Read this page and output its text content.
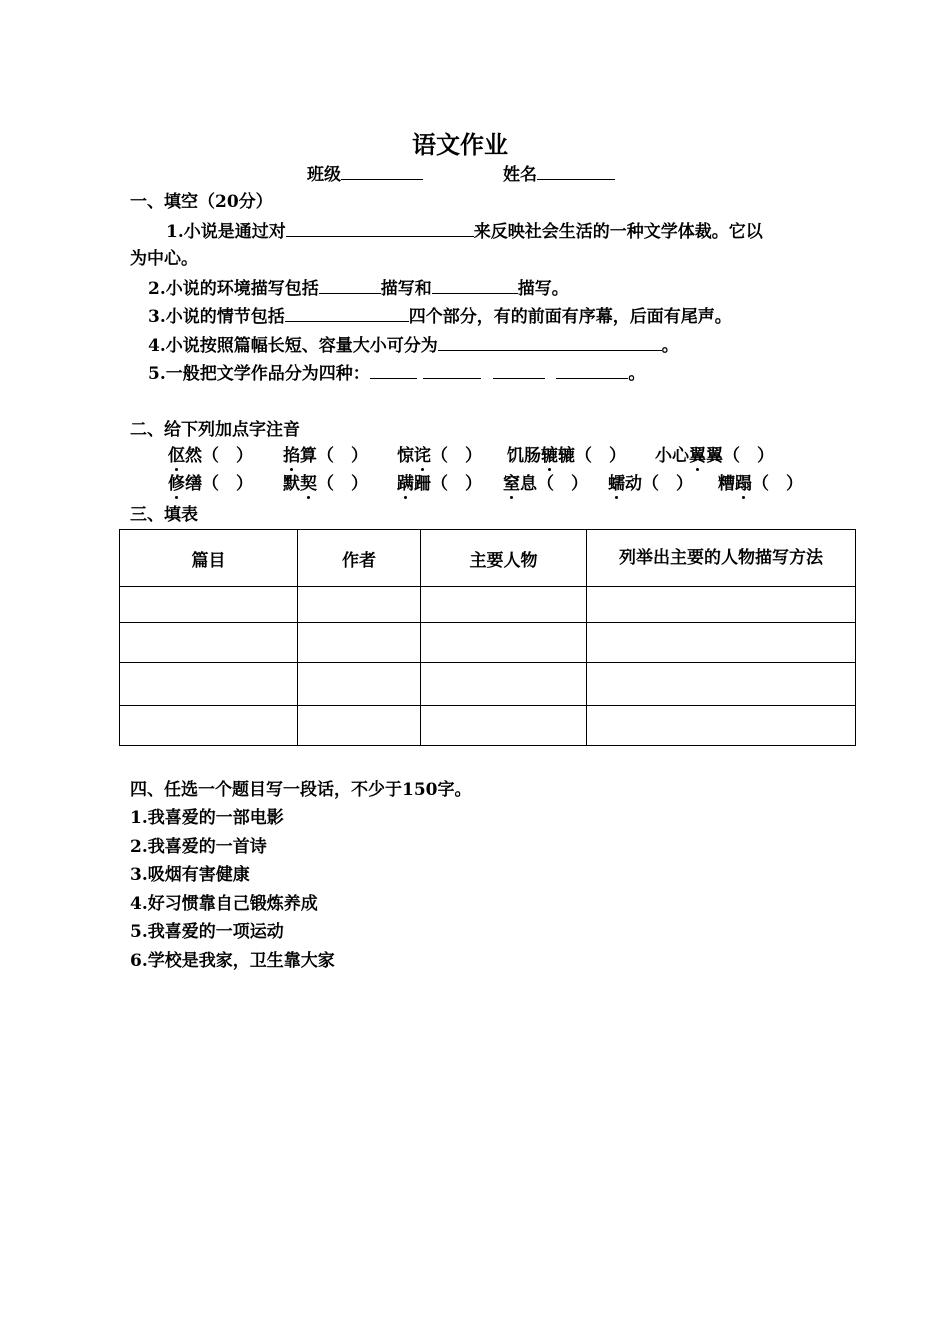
语文作业
班级	姓名
一、填空（20分）
1.小说是通过对	来反映社会生活的一种文学体裁。它以
为中心。
2.小说的环境描写包括	描写和	描写。
3.小说的情节包括	四个部分，有的前面有序幕，后面有尾声。
4.小说按照篇幅长短、容量大小可分为	。
5.一般把文学作品分为四种：	。
二、给下列加点字注音
伛然（　） 掐算（　） 惊诧（　） 饥肠辘辘（　） 小心翼翼（　）
修缮（　） 默契（　） 蹒跚（　） 窒息（　） 蠕动（　） 糟蹋（　）
三、填表
篇目	作者	主要人物	列举出主要的人物描写方法

四、任选一个题目写一段话，不少于150字。
1.我喜爱的一部电影
2.我喜爱的一首诗
3.吸烟有害健康
4.好习惯靠自己锻炼养成
5.我喜爱的一项运动
6.学校是我家，卫生靠大家
